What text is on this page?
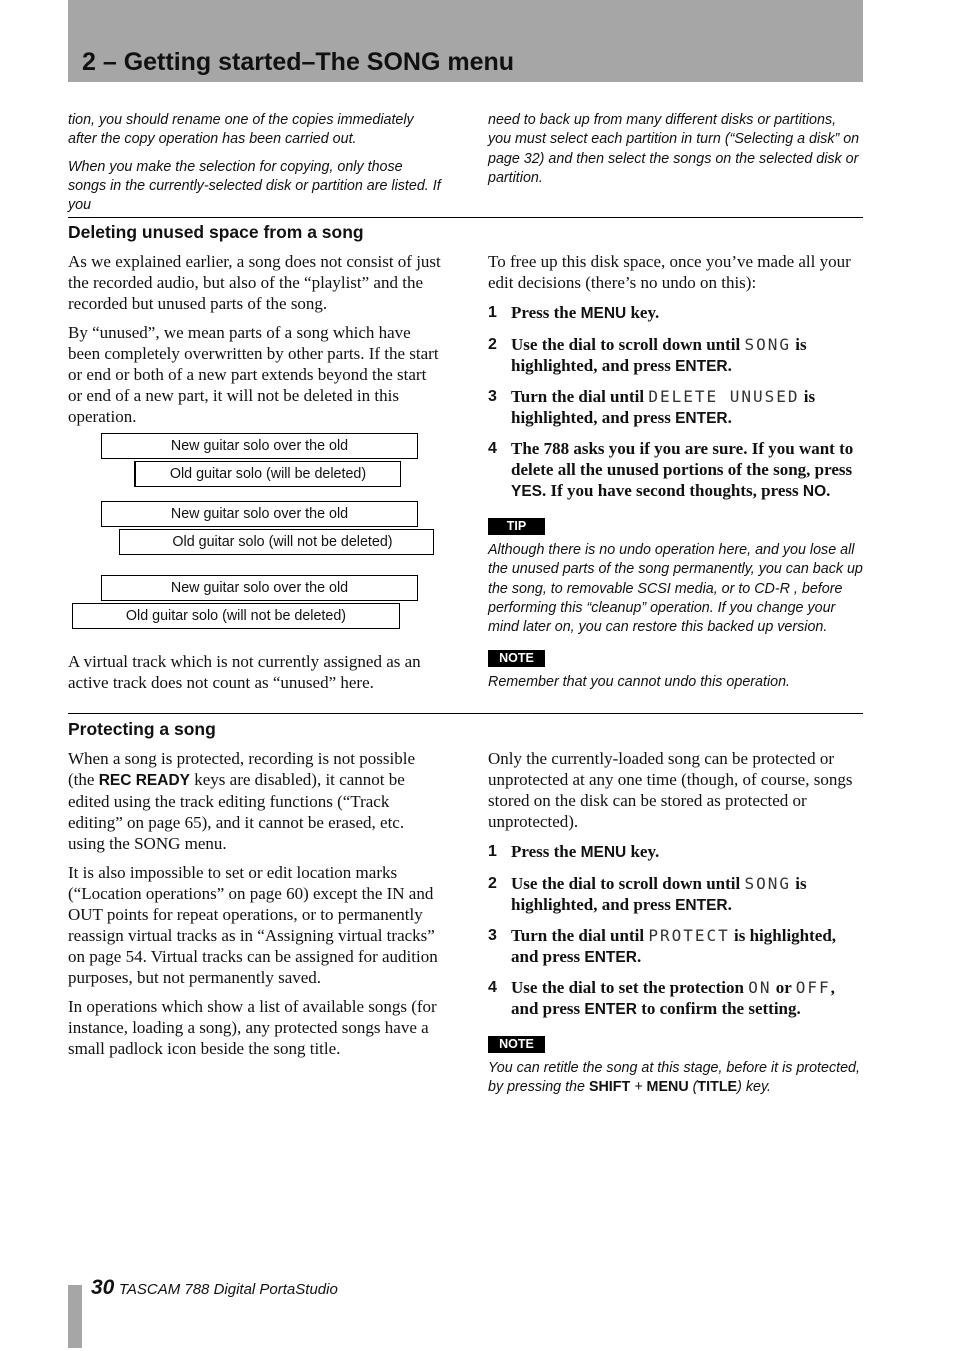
2 – Getting started–The SONG menu

tion, you should rename one of the copies immediately after the copy operation has been carried out.

When you make the selection for copying, only those songs in the currently-selected disk or partition are listed. If you

need to back up from many different disks or partitions, you must select each partition in turn (“Selecting a disk” on page 32) and then select the songs on the selected disk or partition.

Deleting unused space from a song

As we explained earlier, a song does not consist of just the recorded audio, but also of the “playlist” and the recorded but unused parts of the song.

By “unused”, we mean parts of a song which have been completely overwritten by other parts. If the start or end or both of a new part extends beyond the start or end of a new part, it will not be deleted in this operation.

New guitar solo over the old
Old guitar solo (will be deleted)
New guitar solo over the old
Old guitar solo (will not be deleted)
New guitar solo over the old
Old guitar solo (will not be deleted)

A virtual track which is not currently assigned as an active track does not count as “unused” here.

To free up this disk space, once you’ve made all your edit decisions (there’s no undo on this):

1 Press the MENU key.
2 Use the dial to scroll down until SONG is highlighted, and press ENTER.
3 Turn the dial until DELETE UNUSED is highlighted, and press ENTER.
4 The 788 asks you if you are sure. If you want to delete all the unused portions of the song, press YES. If you have second thoughts, press NO.
TIP

Although there is no undo operation here, and you lose all the unused parts of the song permanently, you can back up the song, to removable SCSI media, or to CD-R , before performing this “cleanup” operation. If you change your mind later on, you can restore this backed up version.

NOTE

Remember that you cannot undo this operation.

Protecting a song

When a song is protected, recording is not possible (the REC READY keys are disabled), it cannot be edited using the track editing functions (“Track editing” on page 65), and it cannot be erased, etc. using the SONG menu.

It is also impossible to set or edit location marks (“Location operations” on page 60) except the IN and OUT points for repeat operations, or to permanently reassign virtual tracks as in “Assigning virtual tracks” on page 54. Virtual tracks can be assigned for audition purposes, but not permanently saved.

In operations which show a list of available songs (for instance, loading a song), any protected songs have a small padlock icon beside the song title.

Only the currently-loaded song can be protected or unprotected at any one time (though, of course, songs stored on the disk can be stored as protected or unprotected).

1 Press the MENU key.
2 Use the dial to scroll down until SONG is highlighted, and press ENTER.
3 Turn the dial until PROTECT is highlighted, and press ENTER.
4 Use the dial to set the protection ON or OFF, and press ENTER to confirm the setting.
NOTE

You can retitle the song at this stage, before it is protected, by pressing the SHIFT + MENU (TITLE) key.

30 TASCAM 788 Digital PortaStudio
